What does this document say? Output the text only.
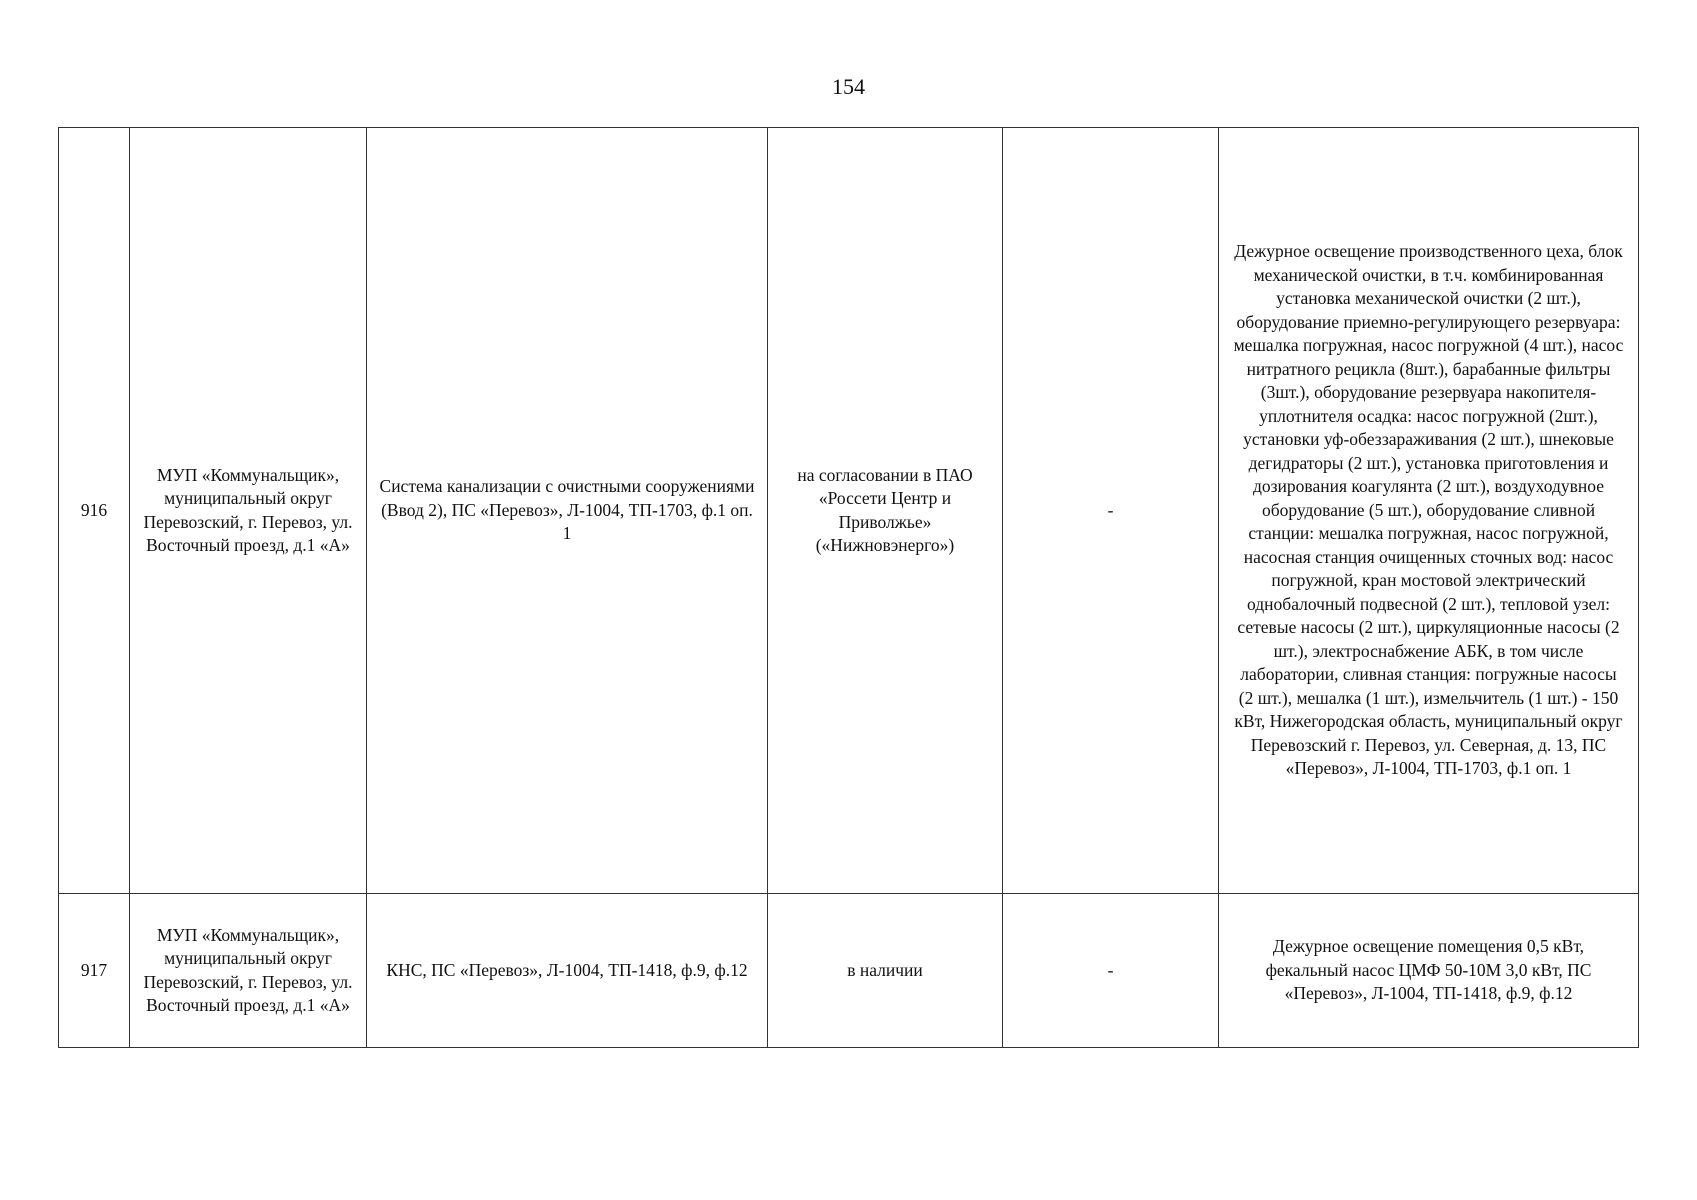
154
916	МУП «Коммунальщик», муниципальный округ Перевозский, г. Перевоз, ул. Восточный проезд, д.1 «А»	Система канализации с очистными сооружениями (Ввод 2), ПС «Перевоз», Л-1004, ТП-1703, ф.1 оп. 1	на согласовании в ПАО «Россети Центр и Приволжье» («Нижновэнерго»)	-	Дежурное освещение производственного цеха, блок механической очистки, в т.ч. комбинированная установка механической очистки (2 шт.), оборудование приемно-регулирующего резервуара: мешалка погружная, насос погружной (4 шт.), насос нитратного рецикла (8шт.), барабанные фильтры (3шт.), оборудование резервуара накопителя-уплотнителя осадка: насос погружной (2шт.), установки уф-обеззараживания (2 шт.), шнековые дегидраторы (2 шт.), установка приготовления и дозирования коагулянта (2 шт.), воздуходувное оборудование (5 шт.), оборудование сливной станции: мешалка погружная, насос погружной, насосная станция очищенных сточных вод: насос погружной, кран мостовой электрический однобалочный подвесной (2 шт.), тепловой узел: сетевые насосы (2 шт.), циркуляционные насосы (2 шт.), электроснабжение АБК, в том числе лаборатории, сливная станция: погружные насосы (2 шт.), мешалка (1 шт.), измельчитель (1 шт.) - 150 кВт, Нижегородская область, муниципальный округ Перевозский г. Перевоз, ул. Северная, д. 13, ПС «Перевоз», Л-1004, ТП-1703, ф.1 оп. 1
917	МУП «Коммунальщик», муниципальный округ Перевозский, г. Перевоз, ул. Восточный проезд, д.1 «А»	КНС, ПС «Перевоз», Л-1004, ТП-1418, ф.9, ф.12	в наличии	-	Дежурное освещение помещения 0,5 кВт, фекальный насос ЦМФ 50-10М 3,0 кВт, ПС «Перевоз», Л-1004, ТП-1418, ф.9, ф.12
